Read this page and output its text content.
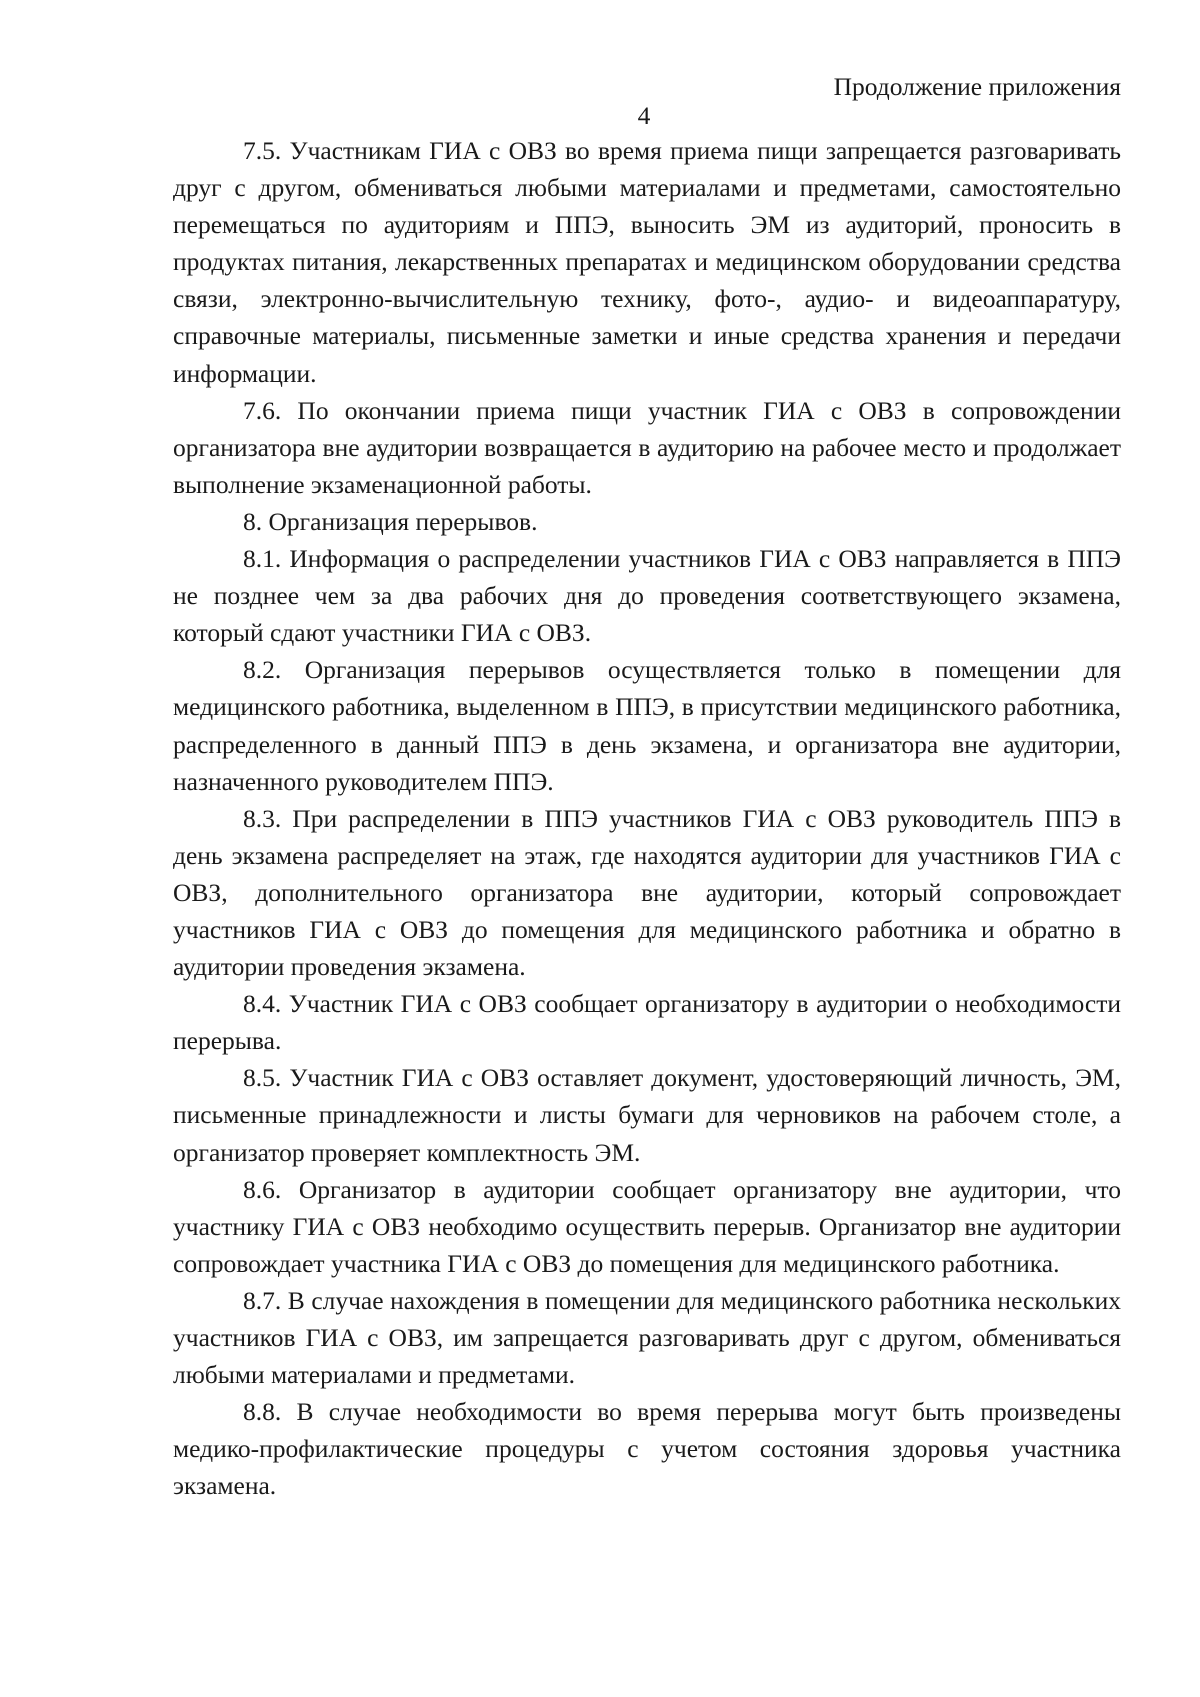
Продолжение приложения
4

7.5. Участникам ГИА с ОВЗ во время приема пищи запрещается разговаривать друг с другом, обмениваться любыми материалами и предметами, самостоятельно перемещаться по аудиториям и ППЭ, выносить ЭМ из аудиторий, проносить в продуктах питания, лекарственных препаратах и медицинском оборудовании средства связи, электронно-вычислительную технику, фото-, аудио- и видеоаппаратуру, справочные материалы, письменные заметки и иные средства хранения и передачи информации.

7.6. По окончании приема пищи участник ГИА с ОВЗ в сопровождении организатора вне аудитории возвращается в аудиторию на рабочее место и продолжает выполнение экзаменационной работы.

8. Организация перерывов.

8.1. Информация о распределении участников ГИА с ОВЗ направляется в ППЭ не позднее чем за два рабочих дня до проведения соответствующего экзамена, который сдают участники ГИА с ОВЗ.

8.2. Организация перерывов осуществляется только в помещении для медицинского работника, выделенном в ППЭ, в присутствии медицинского работника, распределенного в данный ППЭ в день экзамена, и организатора вне аудитории, назначенного руководителем ППЭ.

8.3. При распределении в ППЭ участников ГИА с ОВЗ руководитель ППЭ в день экзамена распределяет на этаж, где находятся аудитории для участников ГИА с ОВЗ, дополнительного организатора вне аудитории, который сопровождает участников ГИА с ОВЗ до помещения для медицинского работника и обратно в аудитории проведения экзамена.

8.4. Участник ГИА с ОВЗ сообщает организатору в аудитории о необходимости перерыва.

8.5. Участник ГИА с ОВЗ оставляет документ, удостоверяющий личность, ЭМ, письменные принадлежности и листы бумаги для черновиков на рабочем столе, а организатор проверяет комплектность ЭМ.

8.6. Организатор в аудитории сообщает организатору вне аудитории, что участнику ГИА с ОВЗ необходимо осуществить перерыв. Организатор вне аудитории сопровождает участника ГИА с ОВЗ до помещения для медицинского работника.

8.7. В случае нахождения в помещении для медицинского работника нескольких участников ГИА с ОВЗ, им запрещается разговаривать друг с другом, обмениваться любыми материалами и предметами.

8.8. В случае необходимости во время перерыва могут быть произведены медико-профилактические процедуры с учетом состояния здоровья участника экзамена.
